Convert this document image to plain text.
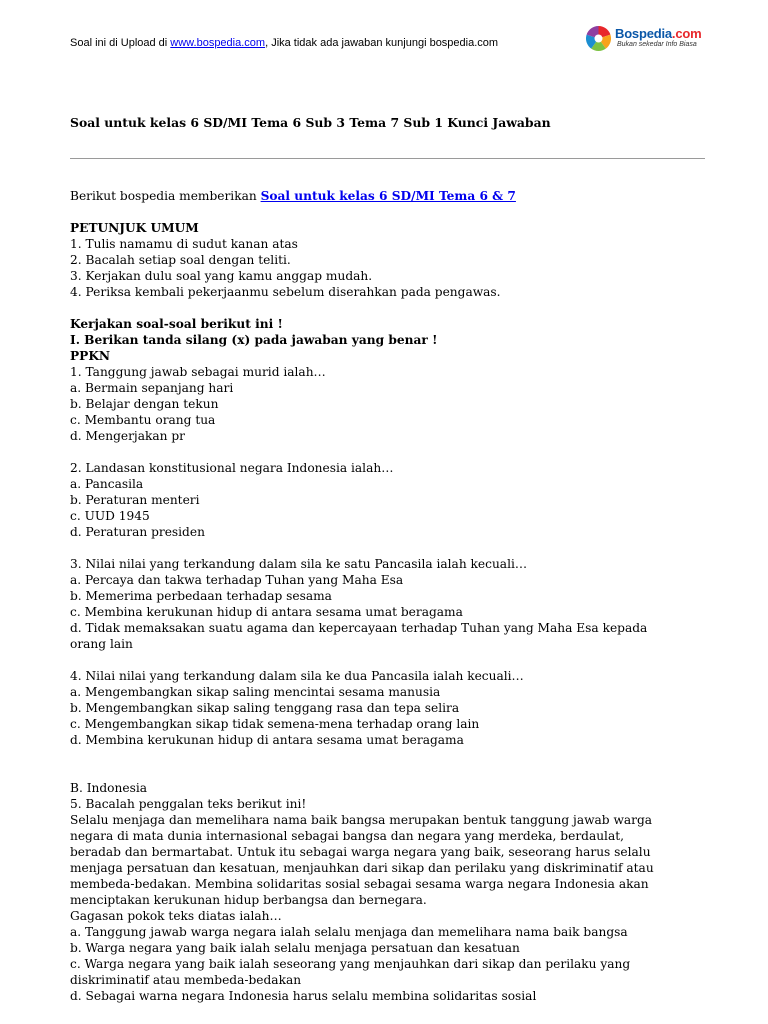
Soal ini di Upload di www.bospedia.com, Jika tidak ada jawaban kunjungi bospedia.com
Bospedia.com
Bukan sekedar Info Biasa
Soal untuk kelas 6 SD/MI Tema 6 Sub 3 Tema 7 Sub 1 Kunci Jawaban
Berikut bospedia memberikan Soal untuk kelas 6 SD/MI Tema 6 & 7
PETUNJUK UMUM
1. Tulis namamu di sudut kanan atas
2. Bacalah setiap soal dengan teliti.
3. Kerjakan dulu soal yang kamu anggap mudah.
4. Periksa kembali pekerjaanmu sebelum diserahkan pada pengawas.
Kerjakan soal-soal berikut ini !
I. Berikan tanda silang (x) pada jawaban yang benar !
PPKN
1. Tanggung jawab sebagai murid ialah…
a. Bermain sepanjang hari
b. Belajar dengan tekun
c. Membantu orang tua
d. Mengerjakan pr
2. Landasan konstitusional negara Indonesia ialah…
a. Pancasila
b. Peraturan menteri
c. UUD 1945
d. Peraturan presiden
3. Nilai nilai yang terkandung dalam sila ke satu Pancasila ialah kecuali…
a. Percaya dan takwa terhadap Tuhan yang Maha Esa
b. Memerima perbedaan terhadap sesama
c. Membina kerukunan hidup di antara sesama umat beragama
d. Tidak memaksakan suatu agama dan kepercayaan terhadap Tuhan yang Maha Esa kepada
orang lain
4. Nilai nilai yang terkandung dalam sila ke dua Pancasila ialah kecuali…
a. Mengembangkan sikap saling mencintai sesama manusia
b. Mengembangkan sikap saling tenggang rasa dan tepa selira
c. Mengembangkan sikap tidak semena-mena terhadap orang lain
d. Membina kerukunan hidup di antara sesama umat beragama
B. Indonesia
5. Bacalah penggalan teks berikut ini!
Selalu menjaga dan memelihara nama baik bangsa merupakan bentuk tanggung jawab warga
negara di mata dunia internasional sebagai bangsa dan negara yang merdeka, berdaulat,
beradab dan bermartabat. Untuk itu sebagai warga negara yang baik, seseorang harus selalu
menjaga persatuan dan kesatuan, menjauhkan dari sikap dan perilaku yang diskriminatif atau
membeda-bedakan. Membina solidaritas sosial sebagai sesama warga negara Indonesia akan
menciptakan kerukunan hidup berbangsa dan bernegara.
Gagasan pokok teks diatas ialah…
a. Tanggung jawab warga negara ialah selalu menjaga dan memelihara nama baik bangsa
b. Warga negara yang baik ialah selalu menjaga persatuan dan kesatuan
c. Warga negara yang baik ialah seseorang yang menjauhkan dari sikap dan perilaku yang
diskriminatif atau membeda-bedakan
d. Sebagai warna negara Indonesia harus selalu membina solidaritas sosial
